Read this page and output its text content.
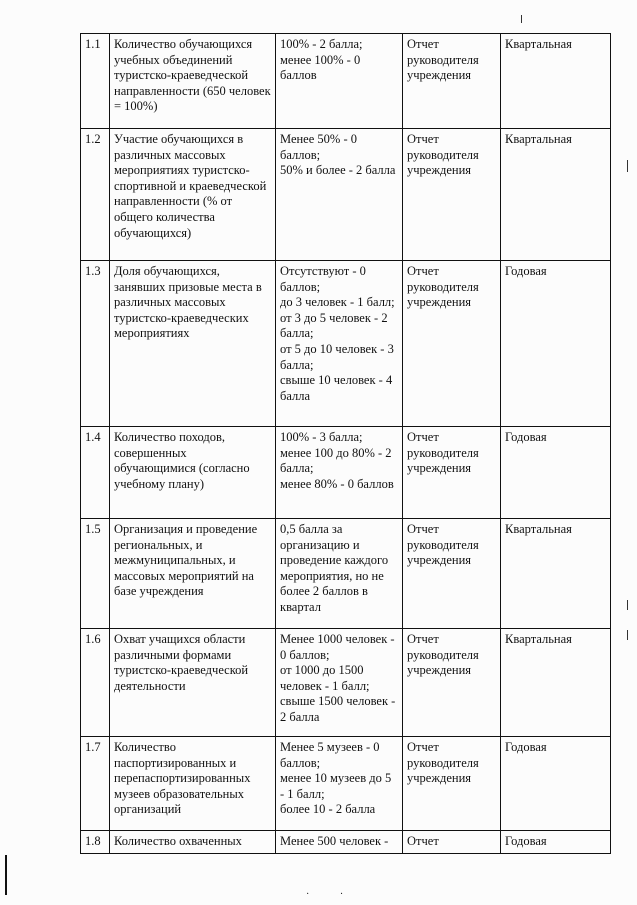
1.1	Количество обучающихся учебных объединений туристско-краеведческой направленности (650 человек = 100%)	100% - 2 балла;
менее 100% - 0 баллов	Отчет руководителя учреждения	Квартальная
1.2	Участие обучающихся в различных массовых мероприятиях туристско-спортивной и краеведческой направленности (% от общего количества обучающихся)	Менее 50% - 0 баллов;
50% и более - 2 балла	Отчет руководителя учреждения	Квартальная
1.3	Доля обучающихся, занявших призовые места в различных массовых туристско-краеведческих мероприятиях	Отсутствуют - 0 баллов;
до 3 человек - 1 балл;
от 3 до 5 человек - 2 балла;
от 5 до 10 человек - 3 балла;
свыше 10 человек - 4 балла	Отчет руководителя учреждения	Годовая
1.4	Количество походов, совершенных обучающимися (согласно учебному плану)	100% - 3 балла;
менее 100 до 80% - 2 балла;
менее 80% - 0 баллов	Отчет руководителя учреждения	Годовая
1.5	Организация и проведение региональных, и межмуниципальных, и массовых мероприятий на базе учреждения	0,5 балла за организацию и проведение каждого мероприятия, но не более 2 баллов в квартал	Отчет руководителя учреждения	Квартальная
1.6	Охват учащихся области различными формами туристско-краеведческой деятельности	Менее 1000 человек - 0 баллов;
от 1000 до 1500 человек - 1 балл;
свыше 1500 человек - 2 балла	Отчет руководителя учреждения	Квартальная
1.7	Количество паспортизированных и перепаспортизированных музеев образовательных организаций	Менее 5 музеев - 0 баллов;
менее 10 музеев до 5 - 1 балл;
более 10 - 2 балла	Отчет руководителя учреждения	Годовая
1.8	Количество охваченных	Менее 500 человек -	Отчет	Годовая
· ·
